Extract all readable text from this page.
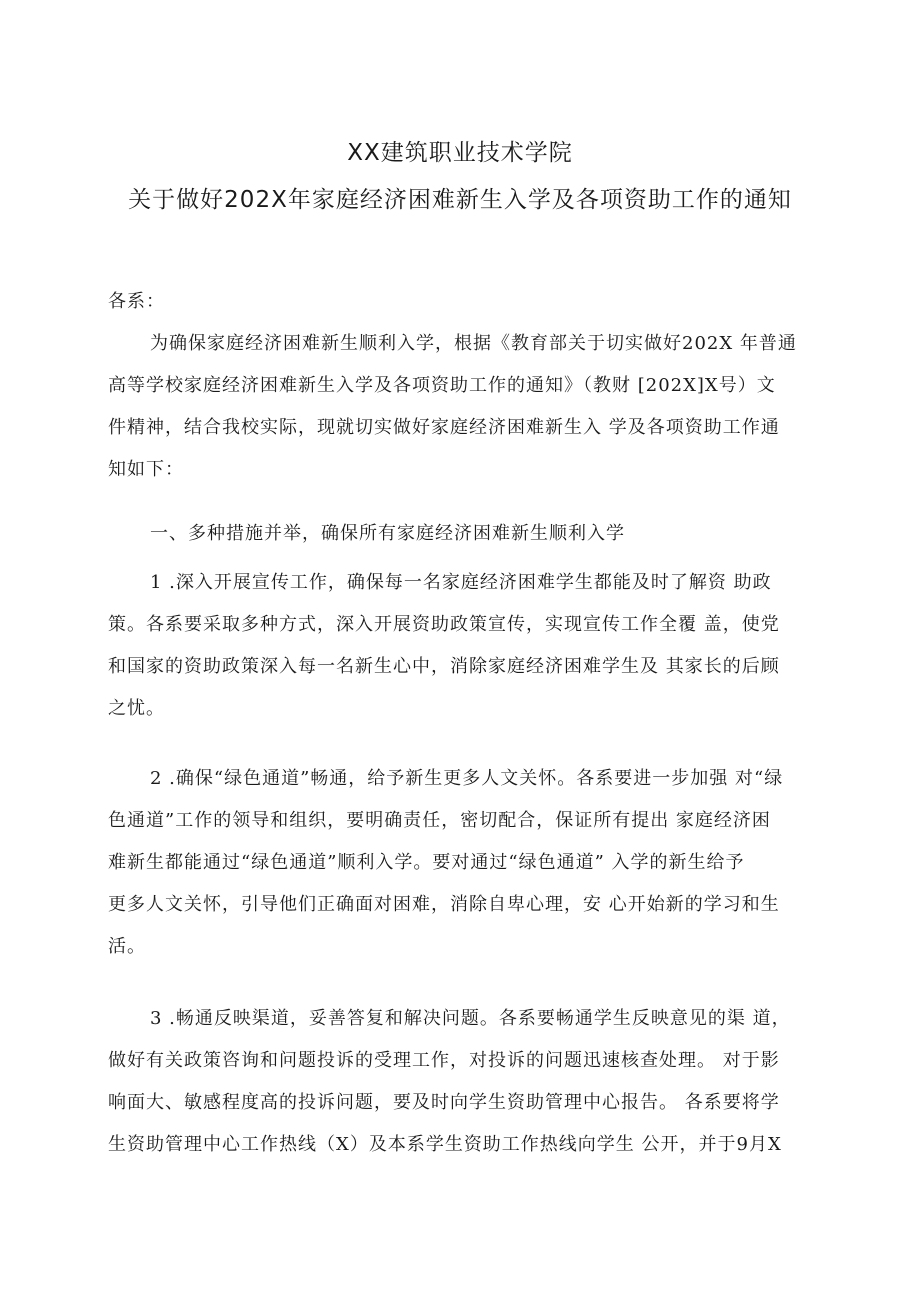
XX建筑职业技术学院
关于做好202X年家庭经济困难新生入学及各项资助工作的通知

各系：

为确保家庭经济困难新生顺利入学，根据《教育部关于切实做好202X 年普通
高等学校家庭经济困难新生入学及各项资助工作的通知》（教财 [202X]X号）文
件精神，结合我校实际，现就切实做好家庭经济困难新生入 学及各项资助工作通
知如下：

一、多种措施并举，确保所有家庭经济困难新生顺利入学

1 .深入开展宣传工作，确保每一名家庭经济困难学生都能及时了解资 助政
策。各系要采取多种方式，深入开展资助政策宣传，实现宣传工作全覆 盖，使党
和国家的资助政策深入每一名新生心中，消除家庭经济困难学生及 其家长的后顾
之忧。

2 .确保“绿色通道”畅通，给予新生更多人文关怀。各系要进一步加强 对“绿
色通道”工作的领导和组织，要明确责任，密切配合，保证所有提出 家庭经济困
难新生都能通过“绿色通道”顺利入学。要对通过“绿色通道” 入学的新生给予
更多人文关怀，引导他们正确面对困难，消除自卑心理，安 心开始新的学习和生
活。

3 .畅通反映渠道，妥善答复和解决问题。各系要畅通学生反映意见的渠 道，
做好有关政策咨询和问题投诉的受理工作，对投诉的问题迅速核查处理。 对于影
响面大、敏感程度高的投诉问题，要及时向学生资助管理中心报告。 各系要将学
生资助管理中心工作热线（X）及本系学生资助工作热线向学生 公开，并于9月X
